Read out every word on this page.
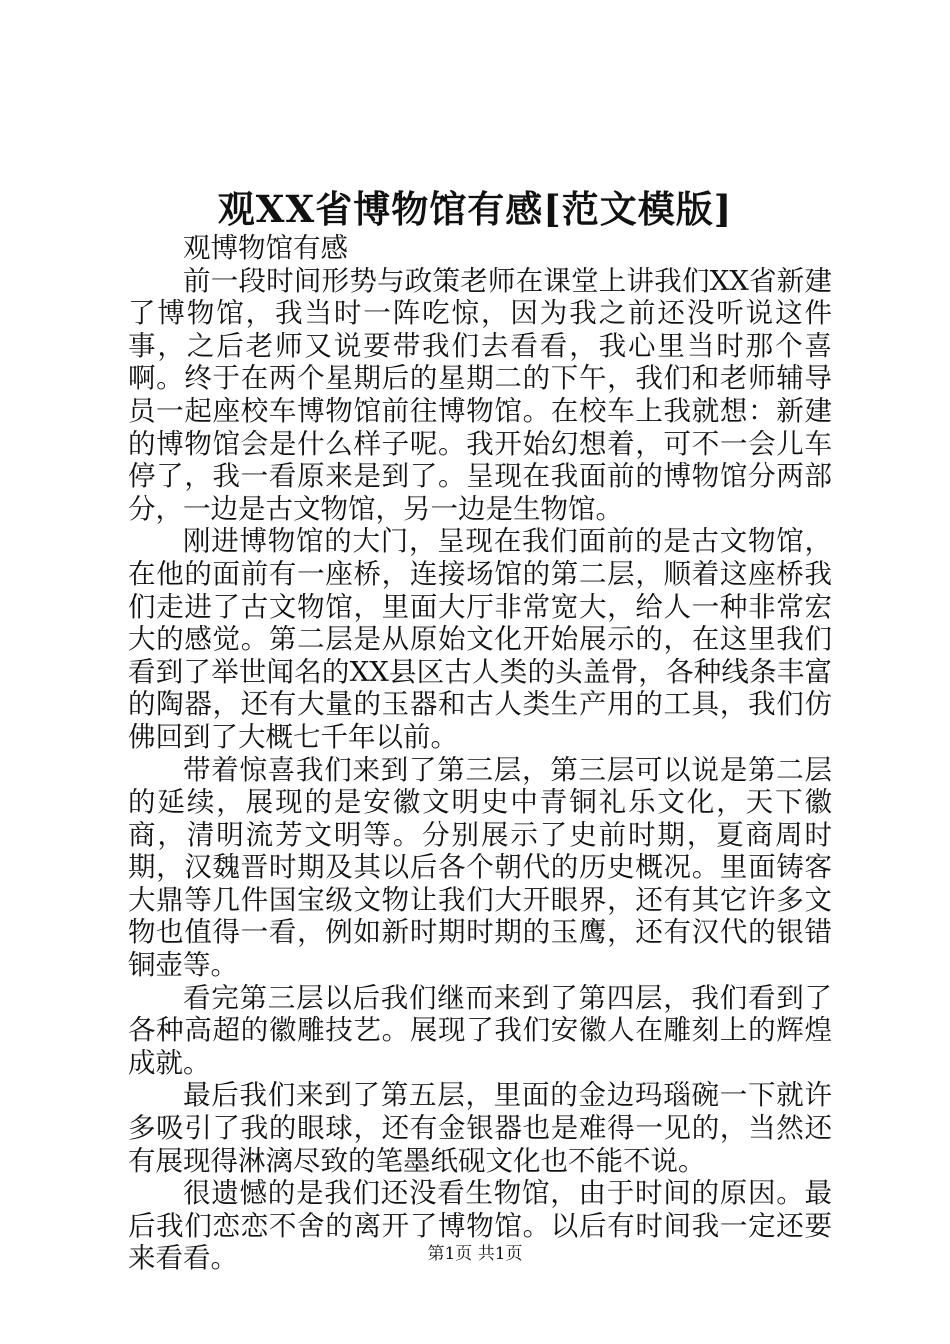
观XX省博物馆有感[范文模版]

观博物馆有感

前一段时间形势与政策老师在课堂上讲我们XX省新建了博物馆，我当时一阵吃惊，因为我之前还没听说这件事，之后老师又说要带我们去看看，我心里当时那个喜啊。终于在两个星期后的星期二的下午，我们和老师辅导员一起座校车博物馆前往博物馆。在校车上我就想：新建的博物馆会是什么样子呢。我开始幻想着，可不一会儿车停了，我一看原来是到了。呈现在我面前的博物馆分两部分，一边是古文物馆，另一边是生物馆。

刚进博物馆的大门，呈现在我们面前的是古文物馆，在他的面前有一座桥，连接场馆的第二层，顺着这座桥我们走进了古文物馆，里面大厅非常宽大，给人一种非常宏大的感觉。第二层是从原始文化开始展示的，在这里我们看到了举世闻名的XX县区古人类的头盖骨，各种线条丰富的陶器，还有大量的玉器和古人类生产用的工具，我们仿佛回到了大概七千年以前。

带着惊喜我们来到了第三层，第三层可以说是第二层的延续，展现的是安徽文明史中青铜礼乐文化，天下徽商，清明流芳文明等。分别展示了史前时期，夏商周时期，汉魏晋时期及其以后各个朝代的历史概况。里面铸客大鼎等几件国宝级文物让我们大开眼界，还有其它许多文物也值得一看，例如新时期时期的玉鹰，还有汉代的银错铜壶等。

看完第三层以后我们继而来到了第四层，我们看到了各种高超的徽雕技艺。展现了我们安徽人在雕刻上的辉煌成就。

最后我们来到了第五层，里面的金边玛瑙碗一下就许多吸引了我的眼球，还有金银器也是难得一见的，当然还有展现得淋漓尽致的笔墨纸砚文化也不能不说。

很遗憾的是我们还没看生物馆，由于时间的原因。最后我们恋恋不舍的离开了博物馆。以后有时间我一定还要来看看。	第1页 共1页
